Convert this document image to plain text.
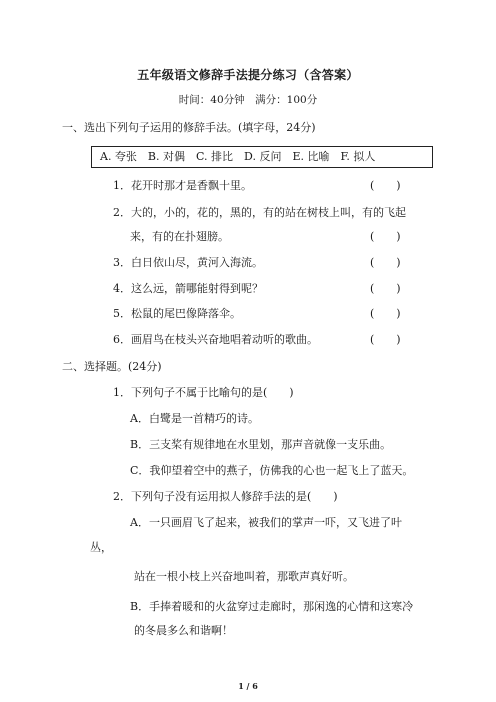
五年级语文修辞手法提分练习（含答案）
时间：40分钟　满分：100分
一、选出下列句子运用的修辞手法。(填字母，24分)
A. 夸张　B. 对偶　C. 排比　D. 反问　E. 比喻　F. 拟人
1．花开时那才是香飘十里。	(　　)
2．大的，小的，花的，黑的，有的站在树枝上叫，有的飞起
来，有的在扑翅膀。	(　　)
3．白日依山尽，黄河入海流。	(　　)
4．这么远，箭哪能射得到呢？	(　　)
5．松鼠的尾巴像降落伞。	(　　)
6．画眉鸟在枝头兴奋地唱着动听的歌曲。	(　　)
二、选择题。(24分)
1．下列句子不属于比喻句的是(　　)
A．白鹭是一首精巧的诗。
B．三支桨有规律地在水里划，那声音就像一支乐曲。
C．我仰望着空中的燕子，仿佛我的心也一起飞上了蓝天。
2．下列句子没有运用拟人修辞手法的是(　　)
A．一只画眉飞了起来，被我们的掌声一吓，又飞进了叶
丛，
站在一根小枝上兴奋地叫着，那歌声真好听。
B．手捧着暖和的火盆穿过走廊时，那闲逸的心情和这寒冷
的冬晨多么和谐啊！
1 / 6
